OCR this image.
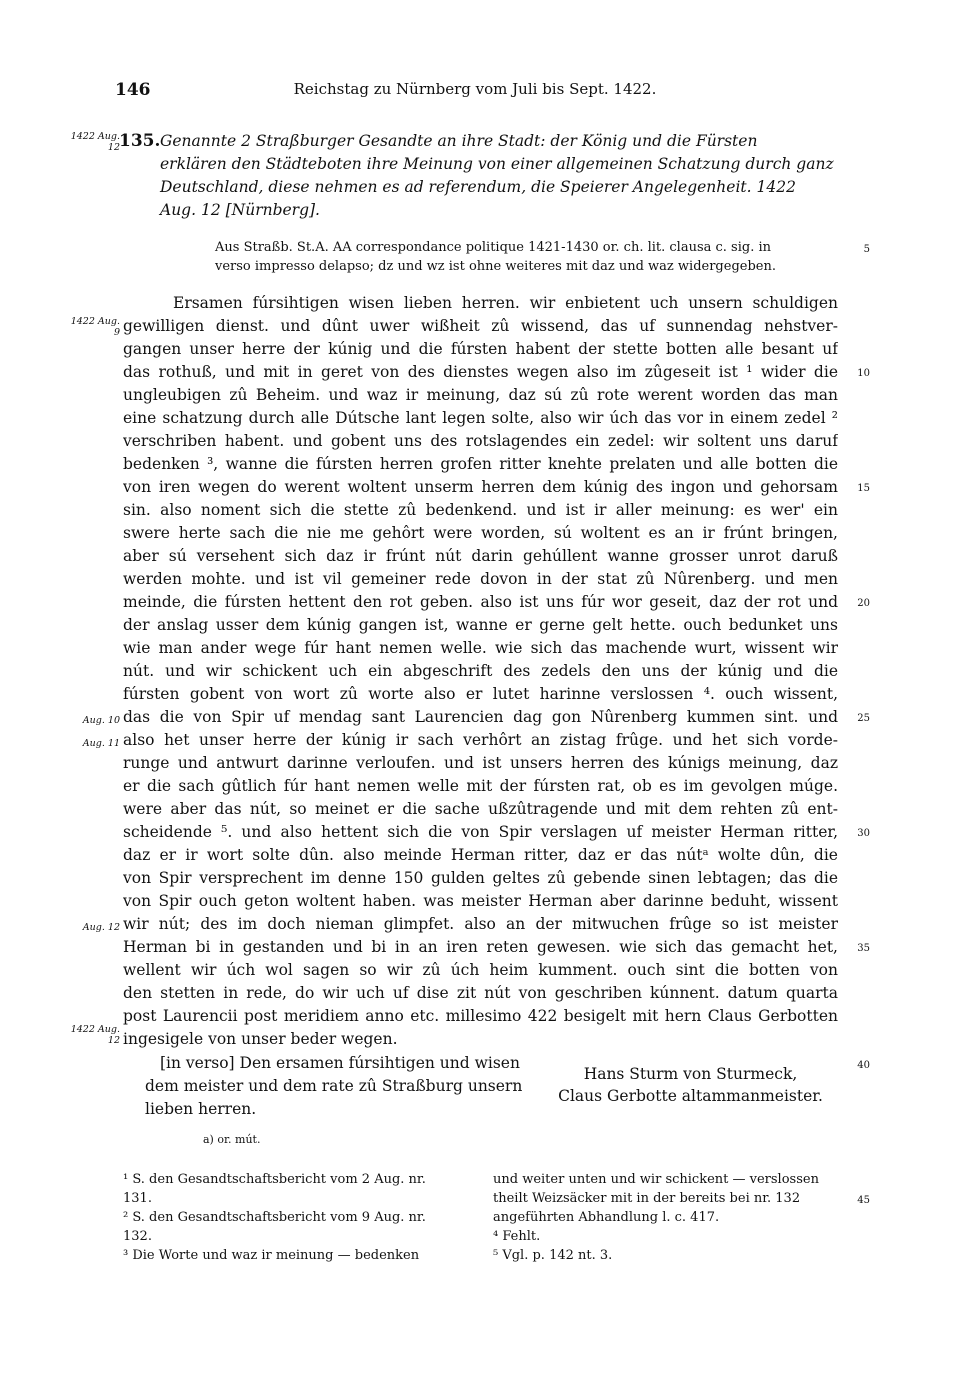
146	Reichstag zu Nürnberg vom Juli bis Sept. 1422.
1422 Aug. 12 135. Genannte 2 Straßburger Gesandte an ihre Stadt: der König und die Fürsten
erklären den Städteboten ihre Meinung von einer allgemeinen Schatzung durch ganz
Deutschland, diese nehmen es ad referendum, die Speierer Angelegenheit. 1422
Aug. 12 [Nürnberg].
Aus Straßb. St.A. AA correspondance politique 1421-1430 or. ch. lit. clausa c. sig. in
verso impresso delapso; dz und wz ist ohne weiteres mit daz und waz widergegeben.
Ersamen fúrsihtigen wisen lieben herren. wir enbietent uch unsern schuldigen
gewilligen dienst. und dûnt uwer wißheit zû wissend, das uf sunnendag nehstver-
gangen unser herre der kúnig und die fúrsten habent der stette botten alle besant uf
das rothuß, und mit in geret von des dienstes wegen also im zûgeseit ist ¹ wider die
ungleubigen zû Beheim. und waz ir meinung, daz sú zû rote werent worden das man
eine schatzung durch alle Dútsche lant legen solte, also wir úch das vor in einem zedel ²
verschriben habent. und gobent uns des rotslagendes ein zedel: wir soltent uns daruf
bedenken ³, wanne die fúrsten herren grofen ritter knehte prelaten und alle botten die
von iren wegen do werent woltent unserm herren dem kúnig des ingon und gehorsam
sin. also noment sich die stette zû bedenkend. und ist ir aller meinung: es wer' ein
swere herte sach die nie me gehôrt were worden, sú woltent es an ir frúnt bringen,
aber sú versehent sich daz ir frúnt nút darin gehúllent wanne grosser unrot daruß
werden mohte. und ist vil gemeiner rede dovon in der stat zû Nûrenberg. und men
meinde, die fúrsten hettent den rot geben. also ist uns fúr wor geseit, daz der rot und
der anslag usser dem kúnig gangen ist, wanne er gerne gelt hette. ouch bedunket uns
wie man ander wege fúr hant nemen welle. wie sich das machende wurt, wissent wir
nút. und wir schickent uch ein abgeschrift des zedels den uns der kúnig und die
fúrsten gobent von wort zû worte also er lutet harinne verslossen ⁴. ouch wissent,
das die von Spir uf mendag sant Laurencien dag gon Nûrenberg kummen sint. und
also het unser herre der kúnig ir sach verhôrt an zistag frûge. und het sich vorde-
runge und antwurt darinne verloufen. und ist unsers herren des kúnigs meinung, daz
er die sach gûtlich fúr hant nemen welle mit der fúrsten rat, ob es im gevolgen múge.
were aber das nút, so meinet er die sache ußzûtragende und mit dem rehten zû ent-
scheidende ⁵. und also hettent sich die von Spir verslagen uf meister Herman ritter,
daz er ir wort solte dûn. also meinde Herman ritter, daz er das nútᵃ wolte dûn, die
von Spir versprechent im denne 150 gulden geltes zû gebende sinen lebtagen; das die
von Spir ouch geton woltent haben. was meister Herman aber darinne beduht, wissent
wir nút; des im doch nieman glimpfet. also an der mitwuchen frûge so ist meister
Herman bi in gestanden und bi in an iren reten gewesen. wie sich das gemacht het,
wellent wir úch wol sagen so wir zû úch heim kumment. ouch sint die botten von
den stetten in rede, do wir uch uf dise zit nút von geschriben kúnnent. datum quarta
post Laurencii post meridiem anno etc. millesimo 422 besigelt mit hern Claus Gerbotten
ingesigele von unser beder wegen.
1422 Aug. 9
Aug. 10
Aug. 11
Aug. 12
1422 Aug. 12
5
10
15
20
25
30
35
40
45
[in verso] Den ersamen fúrsihtigen und wisen
dem meister und dem rate zû Straßburg unsern
lieben herren.
Hans Sturm von Sturmeck,
Claus Gerbotte altammanmeister.
a) or. mút.
¹ S. den Gesandtschaftsbericht vom 2 Aug. nr.
131.
² S. den Gesandtschaftsbericht vom 9 Aug. nr.
132.
³ Die Worte und waz ir meinung — bedenken
und weiter unten und wir schickent — verslossen
theilt Weizsäcker mit in der bereits bei nr. 132
angeführten Abhandlung l. c. 417.
⁴ Fehlt.
⁵ Vgl. p. 142 nt. 3.
